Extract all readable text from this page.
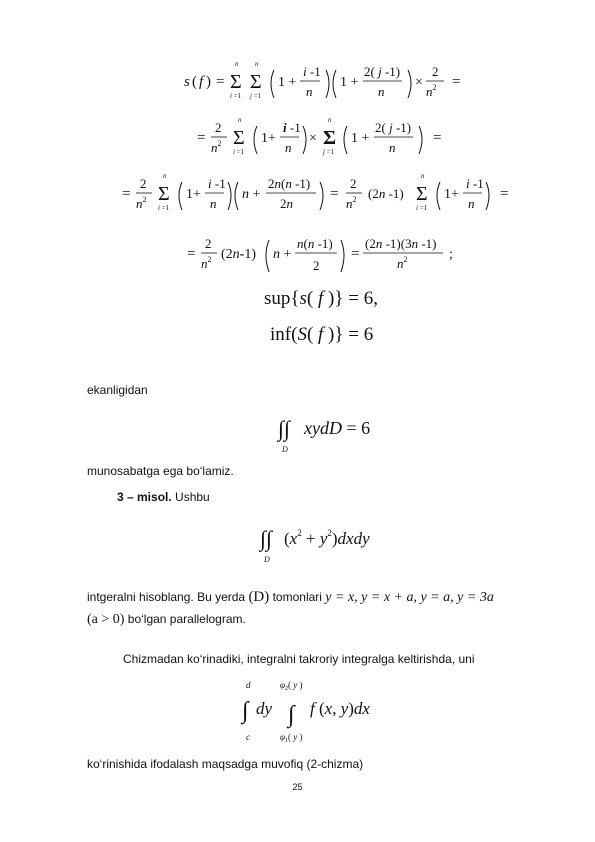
s ( f ) = Σ
n
i =1
Σ
n
j =1
1 +
i -1
n
1 +
2( j -1)
n
×
2
$n^2$ =
=
2
$n^2$ Σ
n
i =1
1+
i -1
n
× Σ
n
j =1
1 +
2( j -1)
n
=
=
2
$n^2$ Σ
n
i =1
1+
i -1
n
n +
2n(n -1)
2n
=
2
$n^2$ (2n -1) Σ
n
i =1
1+
i -1
n
=
=
2
$n^2$ (2n-1) n +
n(n -1)
2
=
(2n -1)(3n -1)
$n^2$	;
sup{s( f )} = 6,
inf(S( f )} = 6
ekanligidan
∫∫
D
xydD = 6
munosabatga ega bo‘lamiz.
3 – misol. Ushbu
∫∫
D
($x^2$ + $y^2)dxdy$
intgeralni hisoblang. Bu yerda (D) tomonlari y = x, y = x + a, y = a, y = 3a
(a > 0) bo‘lgan parallelogram.
Chizmadan ko‘rinadiki, integralni takroriy integralga keltirishda, uni
d
∫
c
dy
$\varphi_2$( y )
∫
$\varphi_1$( y )
f (x, y)dx
ko‘rinishida ifodalash maqsadga muvofiq (2-chizma)
25
